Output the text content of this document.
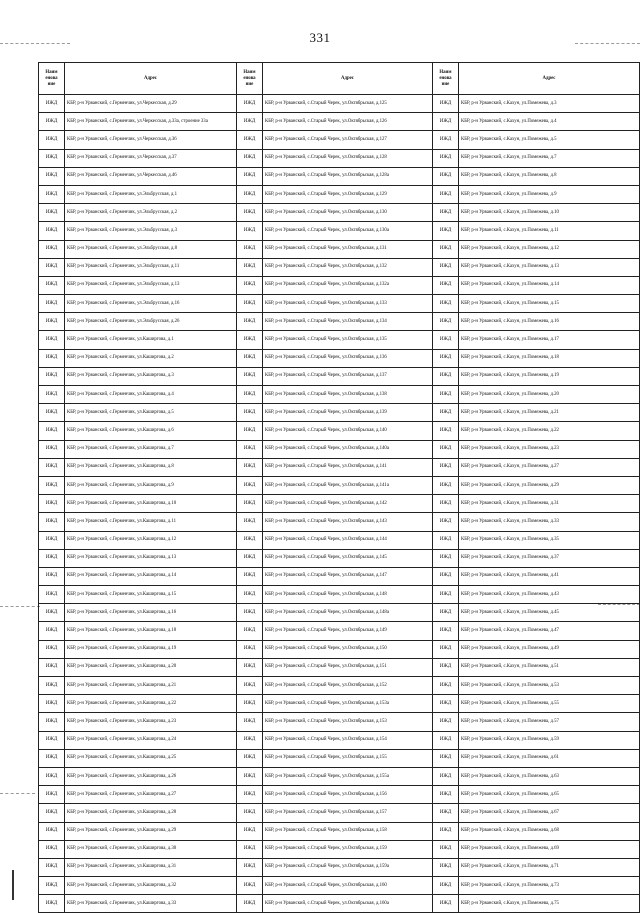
331
Наим енова ние	Адрес	Наим енова ние	Адрес	Наим енова ние	Адрес
ИЖД	КБР, р-н Урванский, с.Герменчик, ул.Черкесская, д.29	ИЖД	КБР, р-н Урванский, с.Старый Черек, ул.Октябрьская, д.125	ИЖД	КБР, р-н Урванский, с.Кахун, ул.Помежева, д.3
ИЖД	КБР, р-н Урванский, с.Герменчик, ул.Черкесская, д.33а, строение 33а	ИЖД	КБР, р-н Урванский, с.Старый Черек, ул.Октябрьская, д.126	ИЖД	КБР, р-н Урванский, с.Кахун, ул.Помежева, д.4
ИЖД	КБР, р-н Урванский, с.Герменчик, ул.Черкесская, д.36	ИЖД	КБР, р-н Урванский, с.Старый Черек, ул.Октябрьская, д.127	ИЖД	КБР, р-н Урванский, с.Кахун, ул.Помежева, д.5
ИЖД	КБР, р-н Урванский, с.Герменчик, ул.Черкесская, д.37	ИЖД	КБР, р-н Урванский, с.Старый Черек, ул.Октябрьская, д.128	ИЖД	КБР, р-н Урванский, с.Кахун, ул.Помежева, д.7
ИЖД	КБР, р-н Урванский, с.Герменчик, ул.Черкесская, д.46	ИЖД	КБР, р-н Урванский, с.Старый Черек, ул.Октябрьская, д.128а	ИЖД	КБР, р-н Урванский, с.Кахун, ул.Помежева, д.8
ИЖД	КБР, р-н Урванский, с.Герменчик, ул.Эльбрусская, д.1	ИЖД	КБР, р-н Урванский, с.Старый Черек, ул.Октябрьская, д.129	ИЖД	КБР, р-н Урванский, с.Кахун, ул.Помежева, д.9
ИЖД	КБР, р-н Урванский, с.Герменчик, ул.Эльбрусская, д.2	ИЖД	КБР, р-н Урванский, с.Старый Черек, ул.Октябрьская, д.130	ИЖД	КБР, р-н Урванский, с.Кахун, ул.Помежева, д.10
ИЖД	КБР, р-н Урванский, с.Герменчик, ул.Эльбрусская, д.3	ИЖД	КБР, р-н Урванский, с.Старый Черек, ул.Октябрьская, д.130а	ИЖД	КБР, р-н Урванский, с.Кахун, ул.Помежева, д.11
ИЖД	КБР, р-н Урванский, с.Герменчик, ул.Эльбрусская, д.8	ИЖД	КБР, р-н Урванский, с.Старый Черек, ул.Октябрьская, д.131	ИЖД	КБР, р-н Урванский, с.Кахун, ул.Помежева, д.12
ИЖД	КБР, р-н Урванский, с.Герменчик, ул.Эльбрусская, д.11	ИЖД	КБР, р-н Урванский, с.Старый Черек, ул.Октябрьская, д.132	ИЖД	КБР, р-н Урванский, с.Кахун, ул.Помежева, д.13
ИЖД	КБР, р-н Урванский, с.Герменчик, ул.Эльбрусская, д.13	ИЖД	КБР, р-н Урванский, с.Старый Черек, ул.Октябрьская, д.132а	ИЖД	КБР, р-н Урванский, с.Кахун, ул.Помежева, д.14
ИЖД	КБР, р-н Урванский, с.Герменчик, ул.Эльбрусская, д.16	ИЖД	КБР, р-н Урванский, с.Старый Черек, ул.Октябрьская, д.133	ИЖД	КБР, р-н Урванский, с.Кахун, ул.Помежева, д.15
ИЖД	КБР, р-н Урванский, с.Герменчик, ул.Эльбрусская, д.26	ИЖД	КБР, р-н Урванский, с.Старый Черек, ул.Октябрьская, д.134	ИЖД	КБР, р-н Урванский, с.Кахун, ул.Помежева, д.16
ИЖД	КБР, р-н Урванский, с.Герменчик, ул.Каширгова, д.1	ИЖД	КБР, р-н Урванский, с.Старый Черек, ул.Октябрьская, д.135	ИЖД	КБР, р-н Урванский, с.Кахун, ул.Помежева, д.17
ИЖД	КБР, р-н Урванский, с.Герменчик, ул.Каширгова, д.2	ИЖД	КБР, р-н Урванский, с.Старый Черек, ул.Октябрьская, д.136	ИЖД	КБР, р-н Урванский, с.Кахун, ул.Помежева, д.18
ИЖД	КБР, р-н Урванский, с.Герменчик, ул.Каширгова, д.3	ИЖД	КБР, р-н Урванский, с.Старый Черек, ул.Октябрьская, д.137	ИЖД	КБР, р-н Урванский, с.Кахун, ул.Помежева, д.19
ИЖД	КБР, р-н Урванский, с.Герменчик, ул.Каширгова, д.4	ИЖД	КБР, р-н Урванский, с.Старый Черек, ул.Октябрьская, д.138	ИЖД	КБР, р-н Урванский, с.Кахун, ул.Помежева, д.20
ИЖД	КБР, р-н Урванский, с.Герменчик, ул.Каширгова, д.5	ИЖД	КБР, р-н Урванский, с.Старый Черек, ул.Октябрьская, д.139	ИЖД	КБР, р-н Урванский, с.Кахун, ул.Помежева, д.21
ИЖД	КБР, р-н Урванский, с.Герменчик, ул.Каширгова, д.6	ИЖД	КБР, р-н Урванский, с.Старый Черек, ул.Октябрьская, д.140	ИЖД	КБР, р-н Урванский, с.Кахун, ул.Помежева, д.22
ИЖД	КБР, р-н Урванский, с.Герменчик, ул.Каширгова, д.7	ИЖД	КБР, р-н Урванский, с.Старый Черек, ул.Октябрьская, д.140а	ИЖД	КБР, р-н Урванский, с.Кахун, ул.Помежева, д.23
ИЖД	КБР, р-н Урванский, с.Герменчик, ул.Каширгова, д.8	ИЖД	КБР, р-н Урванский, с.Старый Черек, ул.Октябрьская, д.141	ИЖД	КБР, р-н Урванский, с.Кахун, ул.Помежева, д.27
ИЖД	КБР, р-н Урванский, с.Герменчик, ул.Каширгова, д.9	ИЖД	КБР, р-н Урванский, с.Старый Черек, ул.Октябрьская, д.141а	ИЖД	КБР, р-н Урванский, с.Кахун, ул.Помежева, д.29
ИЖД	КБР, р-н Урванский, с.Герменчик, ул.Каширгова, д.10	ИЖД	КБР, р-н Урванский, с.Старый Черек, ул.Октябрьская, д.142	ИЖД	КБР, р-н Урванский, с.Кахун, ул.Помежева, д.31
ИЖД	КБР, р-н Урванский, с.Герменчик, ул.Каширгова, д.11	ИЖД	КБР, р-н Урванский, с.Старый Черек, ул.Октябрьская, д.143	ИЖД	КБР, р-н Урванский, с.Кахун, ул.Помежева, д.33
ИЖД	КБР, р-н Урванский, с.Герменчик, ул.Каширгова, д.12	ИЖД	КБР, р-н Урванский, с.Старый Черек, ул.Октябрьская, д.144	ИЖД	КБР, р-н Урванский, с.Кахун, ул.Помежева, д.35
ИЖД	КБР, р-н Урванский, с.Герменчик, ул.Каширгова, д.13	ИЖД	КБР, р-н Урванский, с.Старый Черек, ул.Октябрьская, д.145	ИЖД	КБР, р-н Урванский, с.Кахун, ул.Помежева, д.37
ИЖД	КБР, р-н Урванский, с.Герменчик, ул.Каширгова, д.14	ИЖД	КБР, р-н Урванский, с.Старый Черек, ул.Октябрьская, д.147	ИЖД	КБР, р-н Урванский, с.Кахун, ул.Помежева, д.41
ИЖД	КБР, р-н Урванский, с.Герменчик, ул.Каширгова, д.15	ИЖД	КБР, р-н Урванский, с.Старый Черек, ул.Октябрьская, д.148	ИЖД	КБР, р-н Урванский, с.Кахун, ул.Помежева, д.43
ИЖД	КБР, р-н Урванский, с.Герменчик, ул.Каширгова, д.16	ИЖД	КБР, р-н Урванский, с.Старый Черек, ул.Октябрьская, д.148а	ИЖД	КБР, р-н Урванский, с.Кахун, ул.Помежева, д.45
ИЖД	КБР, р-н Урванский, с.Герменчик, ул.Каширгова, д.18	ИЖД	КБР, р-н Урванский, с.Старый Черек, ул.Октябрьская, д.149	ИЖД	КБР, р-н Урванский, с.Кахун, ул.Помежева, д.47
ИЖД	КБР, р-н Урванский, с.Герменчик, ул.Каширгова, д.19	ИЖД	КБР, р-н Урванский, с.Старый Черек, ул.Октябрьская, д.150	ИЖД	КБР, р-н Урванский, с.Кахун, ул.Помежева, д.49
ИЖД	КБР, р-н Урванский, с.Герменчик, ул.Каширгова, д.20	ИЖД	КБР, р-н Урванский, с.Старый Черек, ул.Октябрьская, д.151	ИЖД	КБР, р-н Урванский, с.Кахун, ул.Помежева, д.51
ИЖД	КБР, р-н Урванский, с.Герменчик, ул.Каширгова, д.21	ИЖД	КБР, р-н Урванский, с.Старый Черек, ул.Октябрьская, д.152	ИЖД	КБР, р-н Урванский, с.Кахун, ул.Помежева, д.53
ИЖД	КБР, р-н Урванский, с.Герменчик, ул.Каширгова, д.22	ИЖД	КБР, р-н Урванский, с.Старый Черек, ул.Октябрьская, д.153а	ИЖД	КБР, р-н Урванский, с.Кахун, ул.Помежева, д.55
ИЖД	КБР, р-н Урванский, с.Герменчик, ул.Каширгова, д.23	ИЖД	КБР, р-н Урванский, с.Старый Черек, ул.Октябрьская, д.153	ИЖД	КБР, р-н Урванский, с.Кахун, ул.Помежева, д.57
ИЖД	КБР, р-н Урванский, с.Герменчик, ул.Каширгова, д.24	ИЖД	КБР, р-н Урванский, с.Старый Черек, ул.Октябрьская, д.154	ИЖД	КБР, р-н Урванский, с.Кахун, ул.Помежева, д.59
ИЖД	КБР, р-н Урванский, с.Герменчик, ул.Каширгова, д.25	ИЖД	КБР, р-н Урванский, с.Старый Черек, ул.Октябрьская, д.155	ИЖД	КБР, р-н Урванский, с.Кахун, ул.Помежева, д.61
ИЖД	КБР, р-н Урванский, с.Герменчик, ул.Каширгова, д.26	ИЖД	КБР, р-н Урванский, с.Старый Черек, ул.Октябрьская, д.155а	ИЖД	КБР, р-н Урванский, с.Кахун, ул.Помежева, д.63
ИЖД	КБР, р-н Урванский, с.Герменчик, ул.Каширгова, д.27	ИЖД	КБР, р-н Урванский, с.Старый Черек, ул.Октябрьская, д.156	ИЖД	КБР, р-н Урванский, с.Кахун, ул.Помежева, д.65
ИЖД	КБР, р-н Урванский, с.Герменчик, ул.Каширгова, д.28	ИЖД	КБР, р-н Урванский, с.Старый Черек, ул.Октябрьская, д.157	ИЖД	КБР, р-н Урванский, с.Кахун, ул.Помежева, д.67
ИЖД	КБР, р-н Урванский, с.Герменчик, ул.Каширгова, д.29	ИЖД	КБР, р-н Урванский, с.Старый Черек, ул.Октябрьская, д.158	ИЖД	КБР, р-н Урванский, с.Кахун, ул.Помежева, д.68
ИЖД	КБР, р-н Урванский, с.Герменчик, ул.Каширгова, д.30	ИЖД	КБР, р-н Урванский, с.Старый Черек, ул.Октябрьская, д.159	ИЖД	КБР, р-н Урванский, с.Кахун, ул.Помежева, д.69
ИЖД	КБР, р-н Урванский, с.Герменчик, ул.Каширгова, д.31	ИЖД	КБР, р-н Урванский, с.Старый Черек, ул.Октябрьская, д.159а	ИЖД	КБР, р-н Урванский, с.Кахун, ул.Помежева, д.71
ИЖД	КБР, р-н Урванский, с.Герменчик, ул.Каширгова, д.32	ИЖД	КБР, р-н Урванский, с.Старый Черек, ул.Октябрьская, д.160	ИЖД	КБР, р-н Урванский, с.Кахун, ул.Помежева, д.73
ИЖД	КБР, р-н Урванский, с.Герменчик, ул.Каширгова, д.33	ИЖД	КБР, р-н Урванский, с.Старый Черек, ул.Октябрьская, д.160а	ИЖД	КБР, р-н Урванский, с.Кахун, ул.Помежева, д.75
